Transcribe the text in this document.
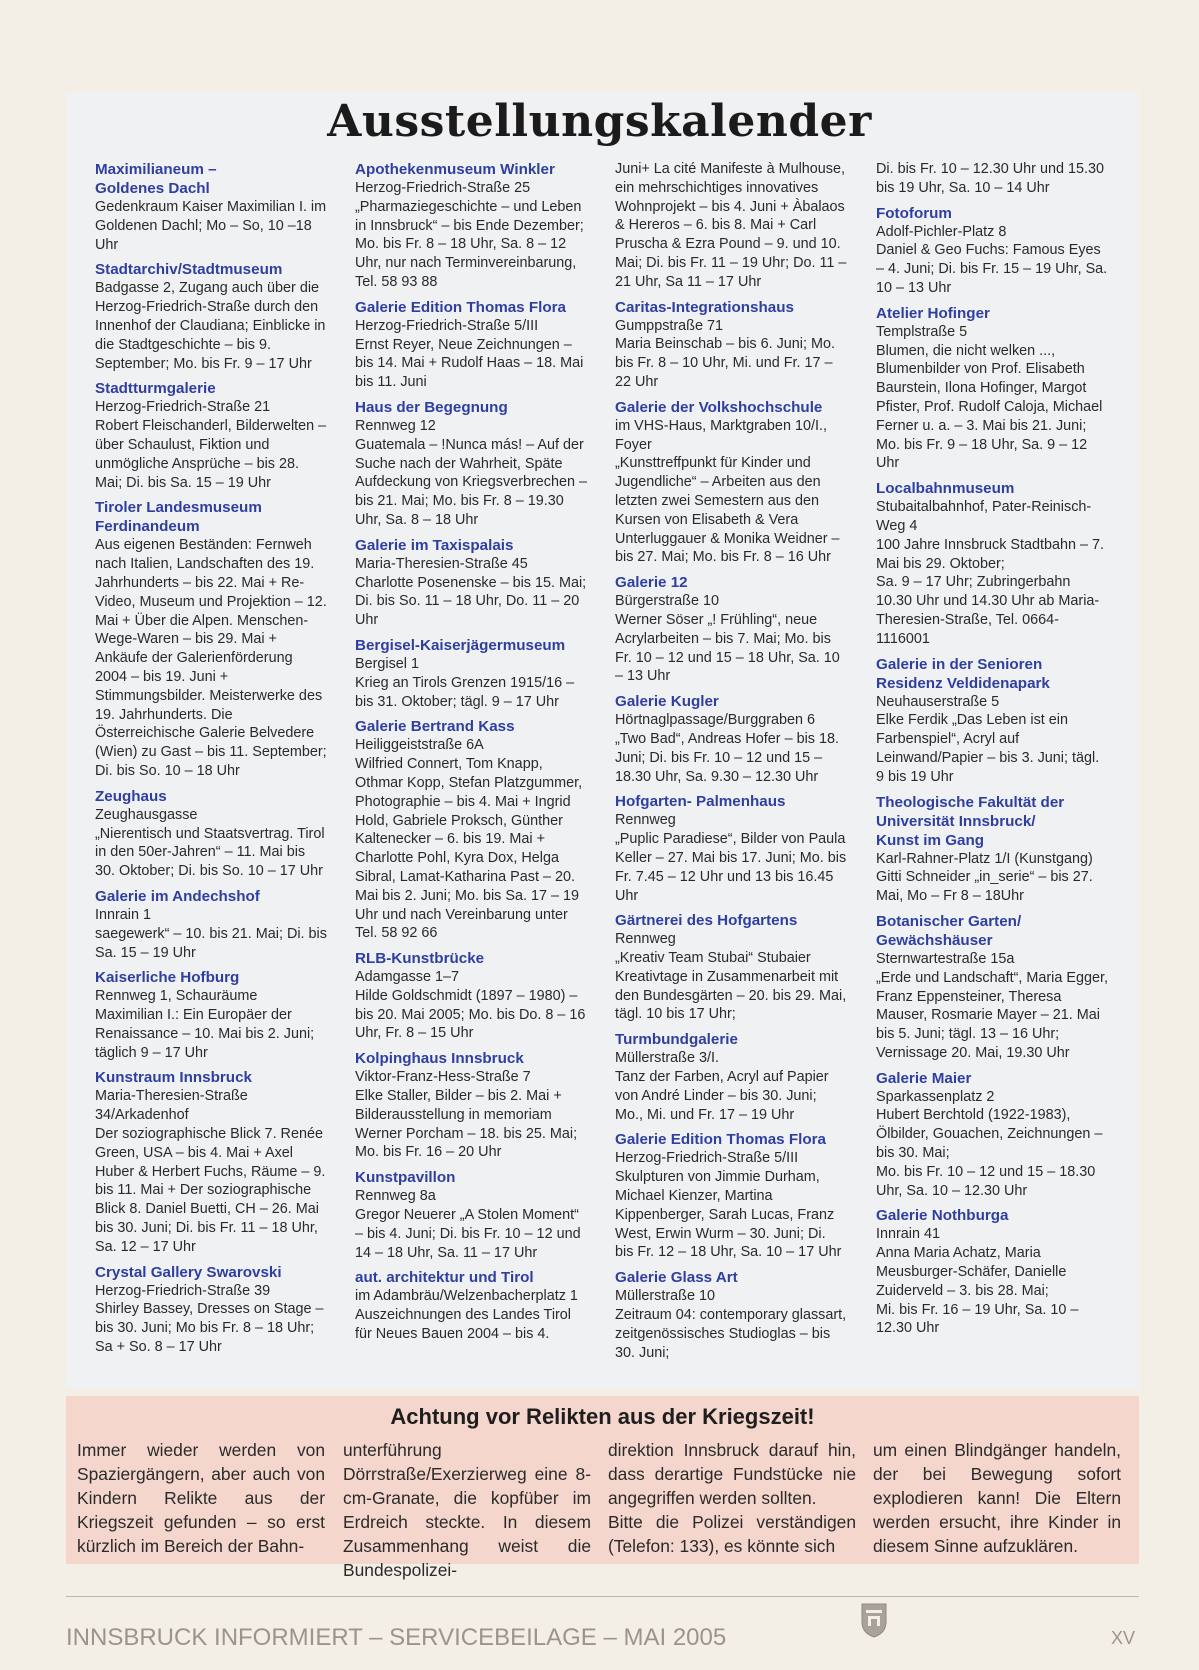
Ausstellungskalender
Maximilianeum –
Goldenes Dachl
Gedenkraum Kaiser Maximilian I. im Goldenen Dachl; Mo – So, 10 –18 Uhr
Stadtarchiv/Stadtmuseum
Badgasse 2, Zugang auch über die Herzog-Friedrich-Straße durch den Innenhof der Claudiana; Einblicke in die Stadtgeschichte – bis 9. September; Mo. bis Fr. 9 – 17 Uhr
Stadtturmgalerie
Herzog-Friedrich-Straße 21
Robert Fleischanderl, Bilderwelten – über Schaulust, Fiktion und unmögliche Ansprüche – bis 28. Mai; Di. bis Sa. 15 – 19 Uhr
Tiroler Landesmuseum
Ferdinandeum
Aus eigenen Beständen: Fernweh nach Italien, Landschaften des 19. Jahrhunderts – bis 22. Mai + Re-Video, Museum und Projektion – 12. Mai + Über die Alpen. Menschen-Wege-Waren – bis 29. Mai + Ankäufe der Galerienförderung 2004 – bis 19. Juni + Stimmungsbilder. Meisterwerke des 19. Jahrhunderts. Die Österreichische Galerie Belvedere (Wien) zu Gast – bis 11. September; Di. bis So. 10 – 18 Uhr
Zeughaus
Zeughausgasse
„Nierentisch und Staatsvertrag. Tirol in den 50er-Jahren“ – 11. Mai bis 30. Oktober; Di. bis So. 10 – 17 Uhr
Galerie im Andechshof
Innrain 1
saegewerk“ – 10. bis 21. Mai; Di. bis Sa. 15 – 19 Uhr
Kaiserliche Hofburg
Rennweg 1, Schauräume
Maximilian I.: Ein Europäer der Renaissance – 10. Mai bis 2. Juni; täglich 9 – 17 Uhr
Kunstraum Innsbruck
Maria-Theresien-Straße 34/Arkadenhof
Der soziographische Blick 7. Renée Green, USA – bis 4. Mai + Axel Huber & Herbert Fuchs, Räume – 9. bis 11. Mai + Der soziographische Blick 8. Daniel Buetti, CH – 26. Mai bis 30. Juni; Di. bis Fr. 11 – 18 Uhr, Sa. 12 – 17 Uhr
Crystal Gallery Swarovski
Herzog-Friedrich-Straße 39
Shirley Bassey, Dresses on Stage – bis 30. Juni; Mo bis Fr. 8 – 18 Uhr; Sa + So. 8 – 17 Uhr
Apothekenmuseum Winkler
Herzog-Friedrich-Straße 25
„Pharmaziegeschichte – und Leben in Innsbruck“ – bis Ende Dezember;
Mo. bis Fr. 8 – 18 Uhr, Sa. 8 – 12 Uhr, nur nach Terminvereinbarung, Tel. 58 93 88
Galerie Edition Thomas Flora
Herzog-Friedrich-Straße 5/III
Ernst Reyer, Neue Zeichnungen – bis 14. Mai + Rudolf Haas – 18. Mai bis 11. Juni
Haus der Begegnung
Rennweg 12
Guatemala – !Nunca más! – Auf der Suche nach der Wahrheit, Späte Aufdeckung von Kriegsverbrechen – bis 21. Mai; Mo. bis Fr. 8 – 19.30 Uhr, Sa. 8 – 18 Uhr
Galerie im Taxispalais
Maria-Theresien-Straße 45
Charlotte Posenenske – bis 15. Mai; Di. bis So. 11 – 18 Uhr, Do. 11 – 20 Uhr
Bergisel-Kaiserjägermuseum
Bergisel 1
Krieg an Tirols Grenzen 1915/16 – bis 31. Oktober; tägl. 9 – 17 Uhr
Galerie Bertrand Kass
Heiliggeiststraße 6A
Wilfried Connert, Tom Knapp, Othmar Kopp, Stefan Platzgummer, Photographie – bis 4. Mai + Ingrid Hold, Gabriele Proksch, Günther Kaltenecker – 6. bis 19. Mai + Charlotte Pohl, Kyra Dox, Helga Sibral, Lamat-Katharina Past – 20. Mai bis 2. Juni; Mo. bis Sa. 17 – 19 Uhr und nach Vereinbarung unter Tel. 58 92 66
RLB-Kunstbrücke
Adamgasse 1–7
Hilde Goldschmidt (1897 – 1980) – bis 20. Mai 2005; Mo. bis Do. 8 – 16 Uhr, Fr. 8 – 15 Uhr
Kolpinghaus Innsbruck
Viktor-Franz-Hess-Straße 7
Elke Staller, Bilder – bis 2. Mai + Bilderausstellung in memoriam Werner Porcham – 18. bis 25. Mai; Mo. bis Fr. 16 – 20 Uhr
Kunstpavillon
Rennweg 8a
Gregor Neuerer „A Stolen Moment“ – bis 4. Juni; Di. bis Fr. 10 – 12 und 14 – 18 Uhr, Sa. 11 – 17 Uhr
aut. architektur und Tirol
im Adambräu/Welzenbacherplatz 1
Auszeichnungen des Landes Tirol für Neues Bauen 2004 – bis 4.
Juni+ La cité Manifeste à Mulhouse, ein mehrschichtiges innovatives Wohnprojekt – bis 4. Juni + Àbalaos & Hereros – 6. bis 8. Mai + Carl Pruscha & Ezra Pound – 9. und 10. Mai; Di. bis Fr. 11 – 19 Uhr; Do. 11 – 21 Uhr, Sa 11 – 17 Uhr
Caritas-Integrationshaus
Gumppstraße 71
Maria Beinschab – bis 6. Juni; Mo. bis Fr. 8 – 10 Uhr, Mi. und Fr. 17 – 22 Uhr
Galerie der Volkshochschule
im VHS-Haus, Marktgraben 10/I., Foyer
„Kunsttreffpunkt für Kinder und Jugendliche“ – Arbeiten aus den letzten zwei Semestern aus den Kursen von Elisabeth & Vera Unterluggauer & Monika Weidner – bis 27. Mai; Mo. bis Fr. 8 – 16 Uhr
Galerie 12
Bürgerstraße 10
Werner Söser „! Frühling“, neue Acrylarbeiten – bis 7. Mai; Mo. bis Fr. 10 – 12 und 15 – 18 Uhr, Sa. 10 – 13 Uhr
Galerie Kugler
Hörtnaglpassage/Burggraben 6
„Two Bad“, Andreas Hofer – bis 18. Juni; Di. bis Fr. 10 – 12 und 15 – 18.30 Uhr, Sa. 9.30 – 12.30 Uhr
Hofgarten- Palmenhaus
Rennweg
„Puplic Paradiese“, Bilder von Paula Keller – 27. Mai bis 17. Juni; Mo. bis Fr. 7.45 – 12 Uhr und 13 bis 16.45 Uhr
Gärtnerei des Hofgartens
Rennweg
„Kreativ Team Stubai“ Stubaier Kreativtage in Zusammenarbeit mit den Bundesgärten – 20. bis 29. Mai, tägl. 10 bis 17 Uhr;
Turmbundgalerie
Müllerstraße 3/I.
Tanz der Farben, Acryl auf Papier von André Linder – bis 30. Juni; Mo., Mi. und Fr. 17 – 19 Uhr
Galerie Edition Thomas Flora
Herzog-Friedrich-Straße 5/III
Skulpturen von Jimmie Durham, Michael Kienzer, Martina Kippenberger, Sarah Lucas, Franz West, Erwin Wurm – 30. Juni; Di. bis Fr. 12 – 18 Uhr, Sa. 10 – 17 Uhr
Galerie Glass Art
Müllerstraße 10
Zeitraum 04: contemporary glassart, zeitgenössisches Studioglas – bis 30. Juni;
Di. bis Fr. 10 – 12.30 Uhr und 15.30 bis 19 Uhr, Sa. 10 – 14 Uhr
Fotoforum
Adolf-Pichler-Platz 8
Daniel & Geo Fuchs: Famous Eyes – 4. Juni; Di. bis Fr. 15 – 19 Uhr, Sa. 10 – 13 Uhr
Atelier Hofinger
Templstraße 5
Blumen, die nicht welken ..., Blumenbilder von Prof. Elisabeth Baurstein, Ilona Hofinger, Margot Pfister, Prof. Rudolf Caloja, Michael Ferner u. a. – 3. Mai bis 21. Juni; Mo. bis Fr. 9 – 18 Uhr, Sa. 9 – 12 Uhr
Localbahnmuseum
Stubaitalbahnhof, Pater-Reinisch-Weg 4
100 Jahre Innsbruck Stadtbahn – 7. Mai bis 29. Oktober;
Sa. 9 – 17 Uhr; Zubringerbahn 10.30 Uhr und 14.30 Uhr ab Maria-Theresien-Straße, Tel. 0664-1116001
Galerie in der Senioren
Residenz Veldidenapark
Neuhauserstraße 5
Elke Ferdik „Das Leben ist ein Farbenspiel“, Acryl auf Leinwand/Papier – bis 3. Juni; tägl. 9 bis 19 Uhr
Theologische Fakultät der
Universität Innsbruck/
Kunst im Gang
Karl-Rahner-Platz 1/I (Kunstgang)
Gitti Schneider „in_serie“ – bis 27. Mai, Mo – Fr 8 – 18Uhr
Botanischer Garten/
Gewächshäuser
Sternwartestraße 15a
„Erde und Landschaft“, Maria Egger, Franz Eppensteiner, Theresa Mauser, Rosmarie Mayer – 21. Mai bis 5. Juni; tägl. 13 – 16 Uhr; Vernissage 20. Mai, 19.30 Uhr
Galerie Maier
Sparkassenplatz 2
Hubert Berchtold (1922-1983), Ölbilder, Gouachen, Zeichnungen – bis 30. Mai;
Mo. bis Fr. 10 – 12 und 15 – 18.30 Uhr, Sa. 10 – 12.30 Uhr
Galerie Nothburga
Innrain 41
Anna Maria Achatz, Maria Meusburger-Schäfer, Danielle Zuiderveld – 3. bis 28. Mai;
Mi. bis Fr. 16 – 19 Uhr, Sa. 10 – 12.30 Uhr
Achtung vor Relikten aus der Kriegszeit!
Immer wieder werden von Spaziergängern, aber auch von Kindern Relikte aus der Kriegszeit gefunden – so erst kürzlich im Bereich der Bahn-
unterführung Dörrstraße/Exerzierweg eine 8-cm-Granate, die kopfüber im Erdreich steckte. In diesem Zusammenhang weist die Bundespolizei-
direktion Innsbruck darauf hin, dass derartige Fundstücke nie angegriffen werden sollten.
Bitte die Polizei verständigen (Telefon: 133), es könnte sich
um einen Blindgänger handeln, der bei Bewegung sofort explodieren kann! Die Eltern werden ersucht, ihre Kinder in diesem Sinne aufzuklären.
INNSBRUCK INFORMIERT – SERVICEBEILAGE – MAI 2005	XV
